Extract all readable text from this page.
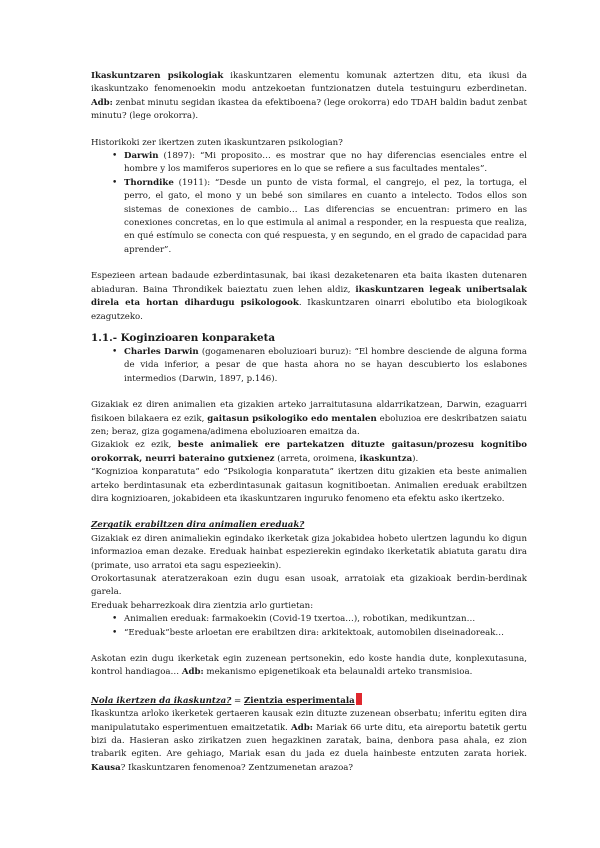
Ikaskuntzaren psikologiak ikaskuntzaren elementu komunak aztertzen ditu, eta ikusi da ikaskuntzako fenomenoekin modu antzekoetan funtzionatzen dutela testuinguru ezberdinetan. Adb: zenbat minutu segidan ikastea da efektiboena? (lege orokorra) edo TDAH baldin badut zenbat minutu? (lege orokorra).

Historikoki zer ikertzen zuten ikaskuntzaren psikologian?

• Darwin (1897): “Mi proposito… es mostrar que no hay diferencias esenciales entre el hombre y los mamiferos superiores en lo que se refiere a sus facultades mentales”.
• Thorndike (1911): “Desde un punto de vista formal, el cangrejo, el pez, la tortuga, el perro, el gato, el mono y un bebé son similares en cuanto a intelecto. Todos ellos son sistemas de conexiones de cambio… Las diferencias se encuentran: primero en las conexiones concretas, en lo que estimula al animal a responder, en la respuesta que realiza, en qué estímulo se conecta con qué respuesta, y en segundo, en el grado de capacidad para aprender”.

Espezieen artean badaude ezberdintasunak, bai ikasi dezaketenaren eta baita ikasten dutenaren abiaduran. Baina Throndikek baieztatu zuen lehen aldiz, ikaskuntzaren legeak unibertsalak direla eta hortan dihardugu psikologook. Ikaskuntzaren oinarri ebolutibo eta biologikoak ezagutzeko.

1.1.- Koginzioaren konparaketa

• Charles Darwin (gogamenaren eboluzioari buruz): “El hombre desciende de alguna forma de vida inferior, a pesar de que hasta ahora no se hayan descubierto los eslabones intermedios (Darwin, 1897, p.146).

Gizakiak ez diren animalien eta gizakien arteko jarraitutasuna aldarrikatzean, Darwin, ezaguarri fisikoen bilakaera ez ezik, gaitasun psikologiko edo mentalen eboluzioa ere deskribatzen saiatu zen; beraz, giza gogamena/adimena eboluzioaren emaitza da.

Gizakiok ez ezik, beste animaliek ere partekatzen dituzte gaitasun/prozesu kognitibo orokorrak, neurri bateraino gutxienez (arreta, oroimena, ikaskuntza).

“Kognizioa konparatuta” edo “Psikologia konparatuta” ikertzen ditu gizakien eta beste animalien arteko berdintasunak eta ezberdintasunak gaitasun kognitiboetan. Animalien ereduak erabiltzen dira kognizioaren, jokabideen eta ikaskuntzaren inguruko fenomeno eta efektu asko ikertzeko.

Zergatik erabiltzen dira animalien ereduak?

Gizakiak ez diren animaliekin egindako ikerketak giza jokabidea hobeto ulertzen lagundu ko digun informazioa eman dezake. Ereduak hainbat espezierekin egindako ikerketatik abiatuta garatu dira (primate, uso arratoi eta sagu espezieekin).

Orokortasunak ateratzerakoan ezin dugu esan usoak, arratoiak eta gizakioak berdin-berdinak garela.

Ereduak beharrezkoak dira zientzia arlo gurtietan:

• Animalien ereduak: farmakoekin (Covid-19 txertoa…), robotikan, medikuntzan…
• “Ereduak”beste arloetan ere erabiltzen dira: arkitektoak, automobilen diseinadoreak…

Askotan ezin dugu ikerketak egin zuzenean pertsonekin, edo koste handia dute, konplexutasuna, kontrol handiagoa… Adb: mekanismo epigenetikoak eta belaunaldi arteko transmisioa.

Nola ikertzen da ikaskuntza? = Zientzia esperimentala

Ikaskuntza arloko ikerketek gertaeren kausak ezin dituzte zuzenean obserbatu; inferitu egiten dira manipulatutako esperimentuen emaitzetatik. Adb: Mariak 66 urte ditu, eta aireportu batetik gertu bizi da. Hasieran asko zirikatzen zuen hegazkinen zaratak, baina, denbora pasa ahala, ez zion trabarik egiten. Are gehiago, Mariak esan du jada ez duela hainbeste entzuten zarata horiek. Kausa? Ikaskuntzaren fenomenoa? Zentzumenetan arazoa?
